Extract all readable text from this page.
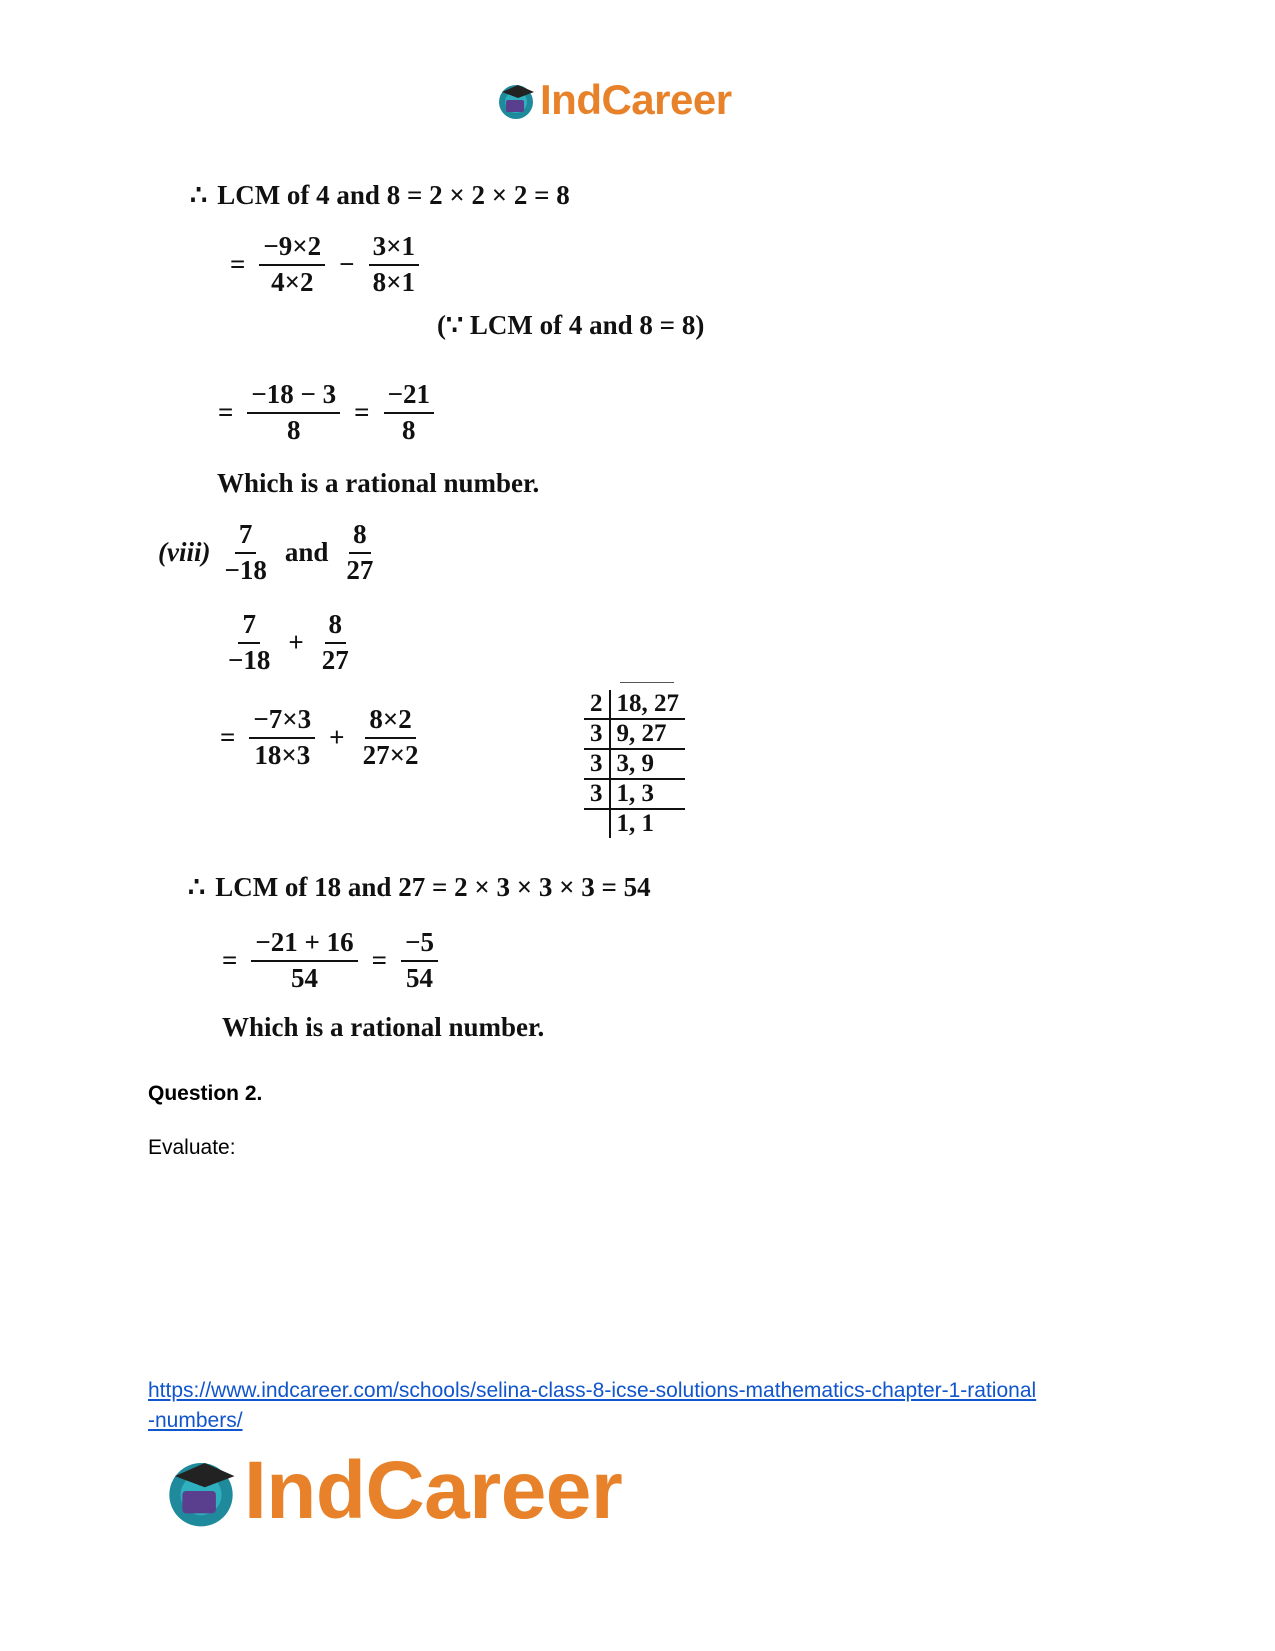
IndCareer
∴ LCM of 4 and 8 = 2 × 2 × 2 = 8
= $\frac{-9\times 2}{4\times 2} - \frac{3\times 1}{8\times 1}$
(∵ LCM of 4 and 8 = 8)
= $\frac{-18 - 3}{8} = \frac{-21}{8}$
Which is a rational number.
(viii) $\frac{7}{-18}$ and $\frac{8}{27}$
$\frac{7}{-18} + \frac{8}{27}$
= $\frac{-7\times 3}{18\times 3} + \frac{8\times 2}{27\times 2}$
2	18, 27
3	9, 27
3	3, 9
3	1, 3
	1, 1
∴ LCM of 18 and 27 = 2 × 3 × 3 × 3 = 54
= $\frac{-21 + 16}{54} = \frac{-5}{54}$
Which is a rational number.
Question 2.
Evaluate:
https://www.indcareer.com/schools/selina-class-8-icse-solutions-mathematics-chapter-1-rational
-numbers/
IndCareer
